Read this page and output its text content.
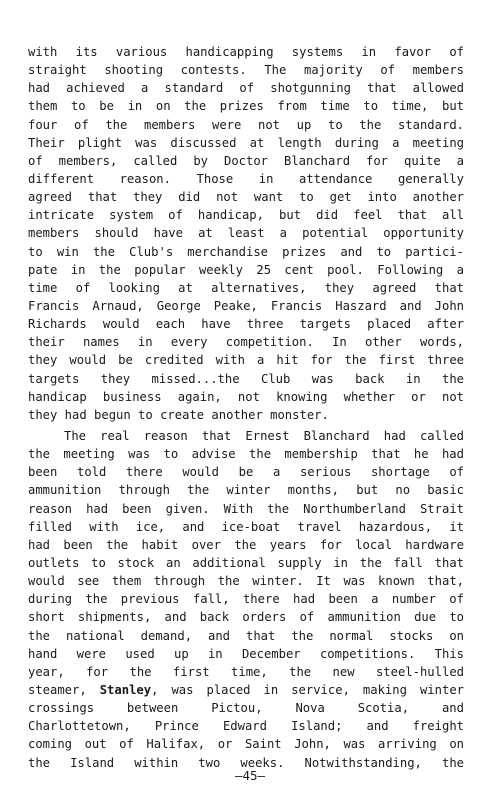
with its various handicapping systems in favor of
straight shooting contests. The majority of members
had achieved a standard of shotgunning that allowed
them to be in on the prizes from time to time, but
four of the members were not up to the standard.
Their plight was discussed at length during a meeting
of members, called by Doctor Blanchard for quite a
different reason. Those in attendance generally
agreed that they did not want to get into another
intricate system of handicap, but did feel that all
members should have at least a potential opportunity
to win the Club's merchandise prizes and to partici-
pate in the popular weekly 25 cent pool. Following a
time of looking at alternatives, they agreed that
Francis Arnaud, George Peake, Francis Haszard and John
Richards would each have three targets placed after
their names in every competition. In other words,
they would be credited with a hit for the first three
targets they missed...the Club was back in the
handicap business again, not knowing whether or not
they had begun to create another monster.
The real reason that Ernest Blanchard had called
the meeting was to advise the membership that he had
been told there would be a serious shortage of
ammunition through the winter months, but no basic
reason had been given. With the Northumberland Strait
filled with ice, and ice-boat travel hazardous, it
had been the habit over the years for local hardware
outlets to stock an additional supply in the fall that
would see them through the winter. It was known that,
during the previous fall, there had been a number of
short shipments, and back orders of ammunition due to
the national demand, and that the normal stocks on
hand were used up in December competitions. This
year, for the first time, the new steel-hulled
steamer, Stanley, was placed in service, making winter
crossings between Pictou, Nova Scotia, and
Charlottetown, Prince Edward Island; and freight
coming out of Halifax, or Saint John, was arriving on
the Island within two weeks. Notwithstanding, the
—45—
